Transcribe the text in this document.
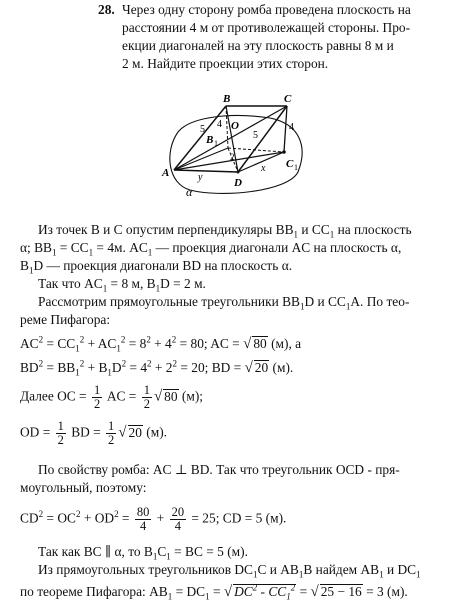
28. Через одну сторону ромба проведена плоскость на
расстоянии 4 м от противолежащей стороны. Про-
екции диагоналей на эту плоскость равны 8 м и
2 м. Найдите проекции этих сторон.
B	C
A
D
O
B 1
C 1
α
5
5
4	4
2
y
x
Из точек B и C опустим перпендикуляры $BB_1$ и $CC_1$ на плоскость
α; $BB_1 = CC_1 = 4м$. $AC_1$ — проекция диагонали AC на плоскость α,
$B_1D$ — проекция диагонали BD на плоскость α.
Так что $AC_1 = 8$ м, $B_1D = 2$ м.
Рассмотрим прямоугольные треугольники $BB_1D$ и $CC_1A$. По тео-
реме Пифагора:
$AC^2 = CC_1^2 + AC_1^2 = 8^2 + 4^2 = 80$; AC = √ 80 (м), а
$BD^2 = BB_1^2 + B_1D^2 = 4^2 + 2^2 = 20$; BD = √ 20 (м).
Далее OC = $\frac{1}{2}$ AC = $\frac{1}{2}$ √ 80 (м);
OD = $\frac{1}{2}$ BD = $\frac{1}{2}$ √ 20 (м).
По свойству ромба: AC ⊥ BD. Так что треугольник OCD - пря-
моугольный, поэтому:
$CD^2 = OC^2 + OD^2 = \frac{80}{4} + \frac{20}{4} = 25$; CD = 5 (м).
Так как BC ∥ α, то $B_1C_1$ = BC = 5 (м).
Из прямоугольных треугольников $DC_1C$ и $AB_1B$ найдем $AB_1$ и $DC_1$
по теореме Пифагора: $AB_1 = DC_1$ = √ $DC^2 - CC_1^2$ = √ 25 − 16 = 3 (м).
